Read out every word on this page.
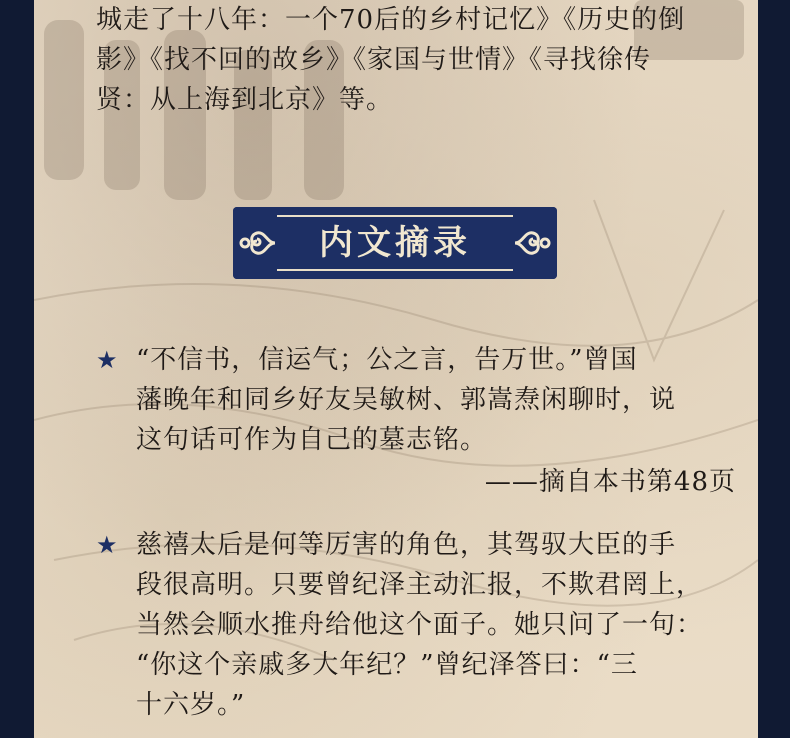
城走了十八年：一个70后的乡村记忆》《历史的倒
影》《找不回的故乡》《家国与世情》《寻找徐传
贤：从上海到北京》等。
内文摘录
★ “不信书，信运气；公之言，告万世。”曾国
藩晚年和同乡好友吴敏树、郭嵩焘闲聊时，说
这句话可作为自己的墓志铭。
——摘自本书第48页
★ 慈禧太后是何等厉害的角色，其驾驭大臣的手
段很高明。只要曾纪泽主动汇报，不欺君罔上，
当然会顺水推舟给他这个面子。她只问了一句：
“你这个亲戚多大年纪？”曾纪泽答曰：“三
十六岁。”
